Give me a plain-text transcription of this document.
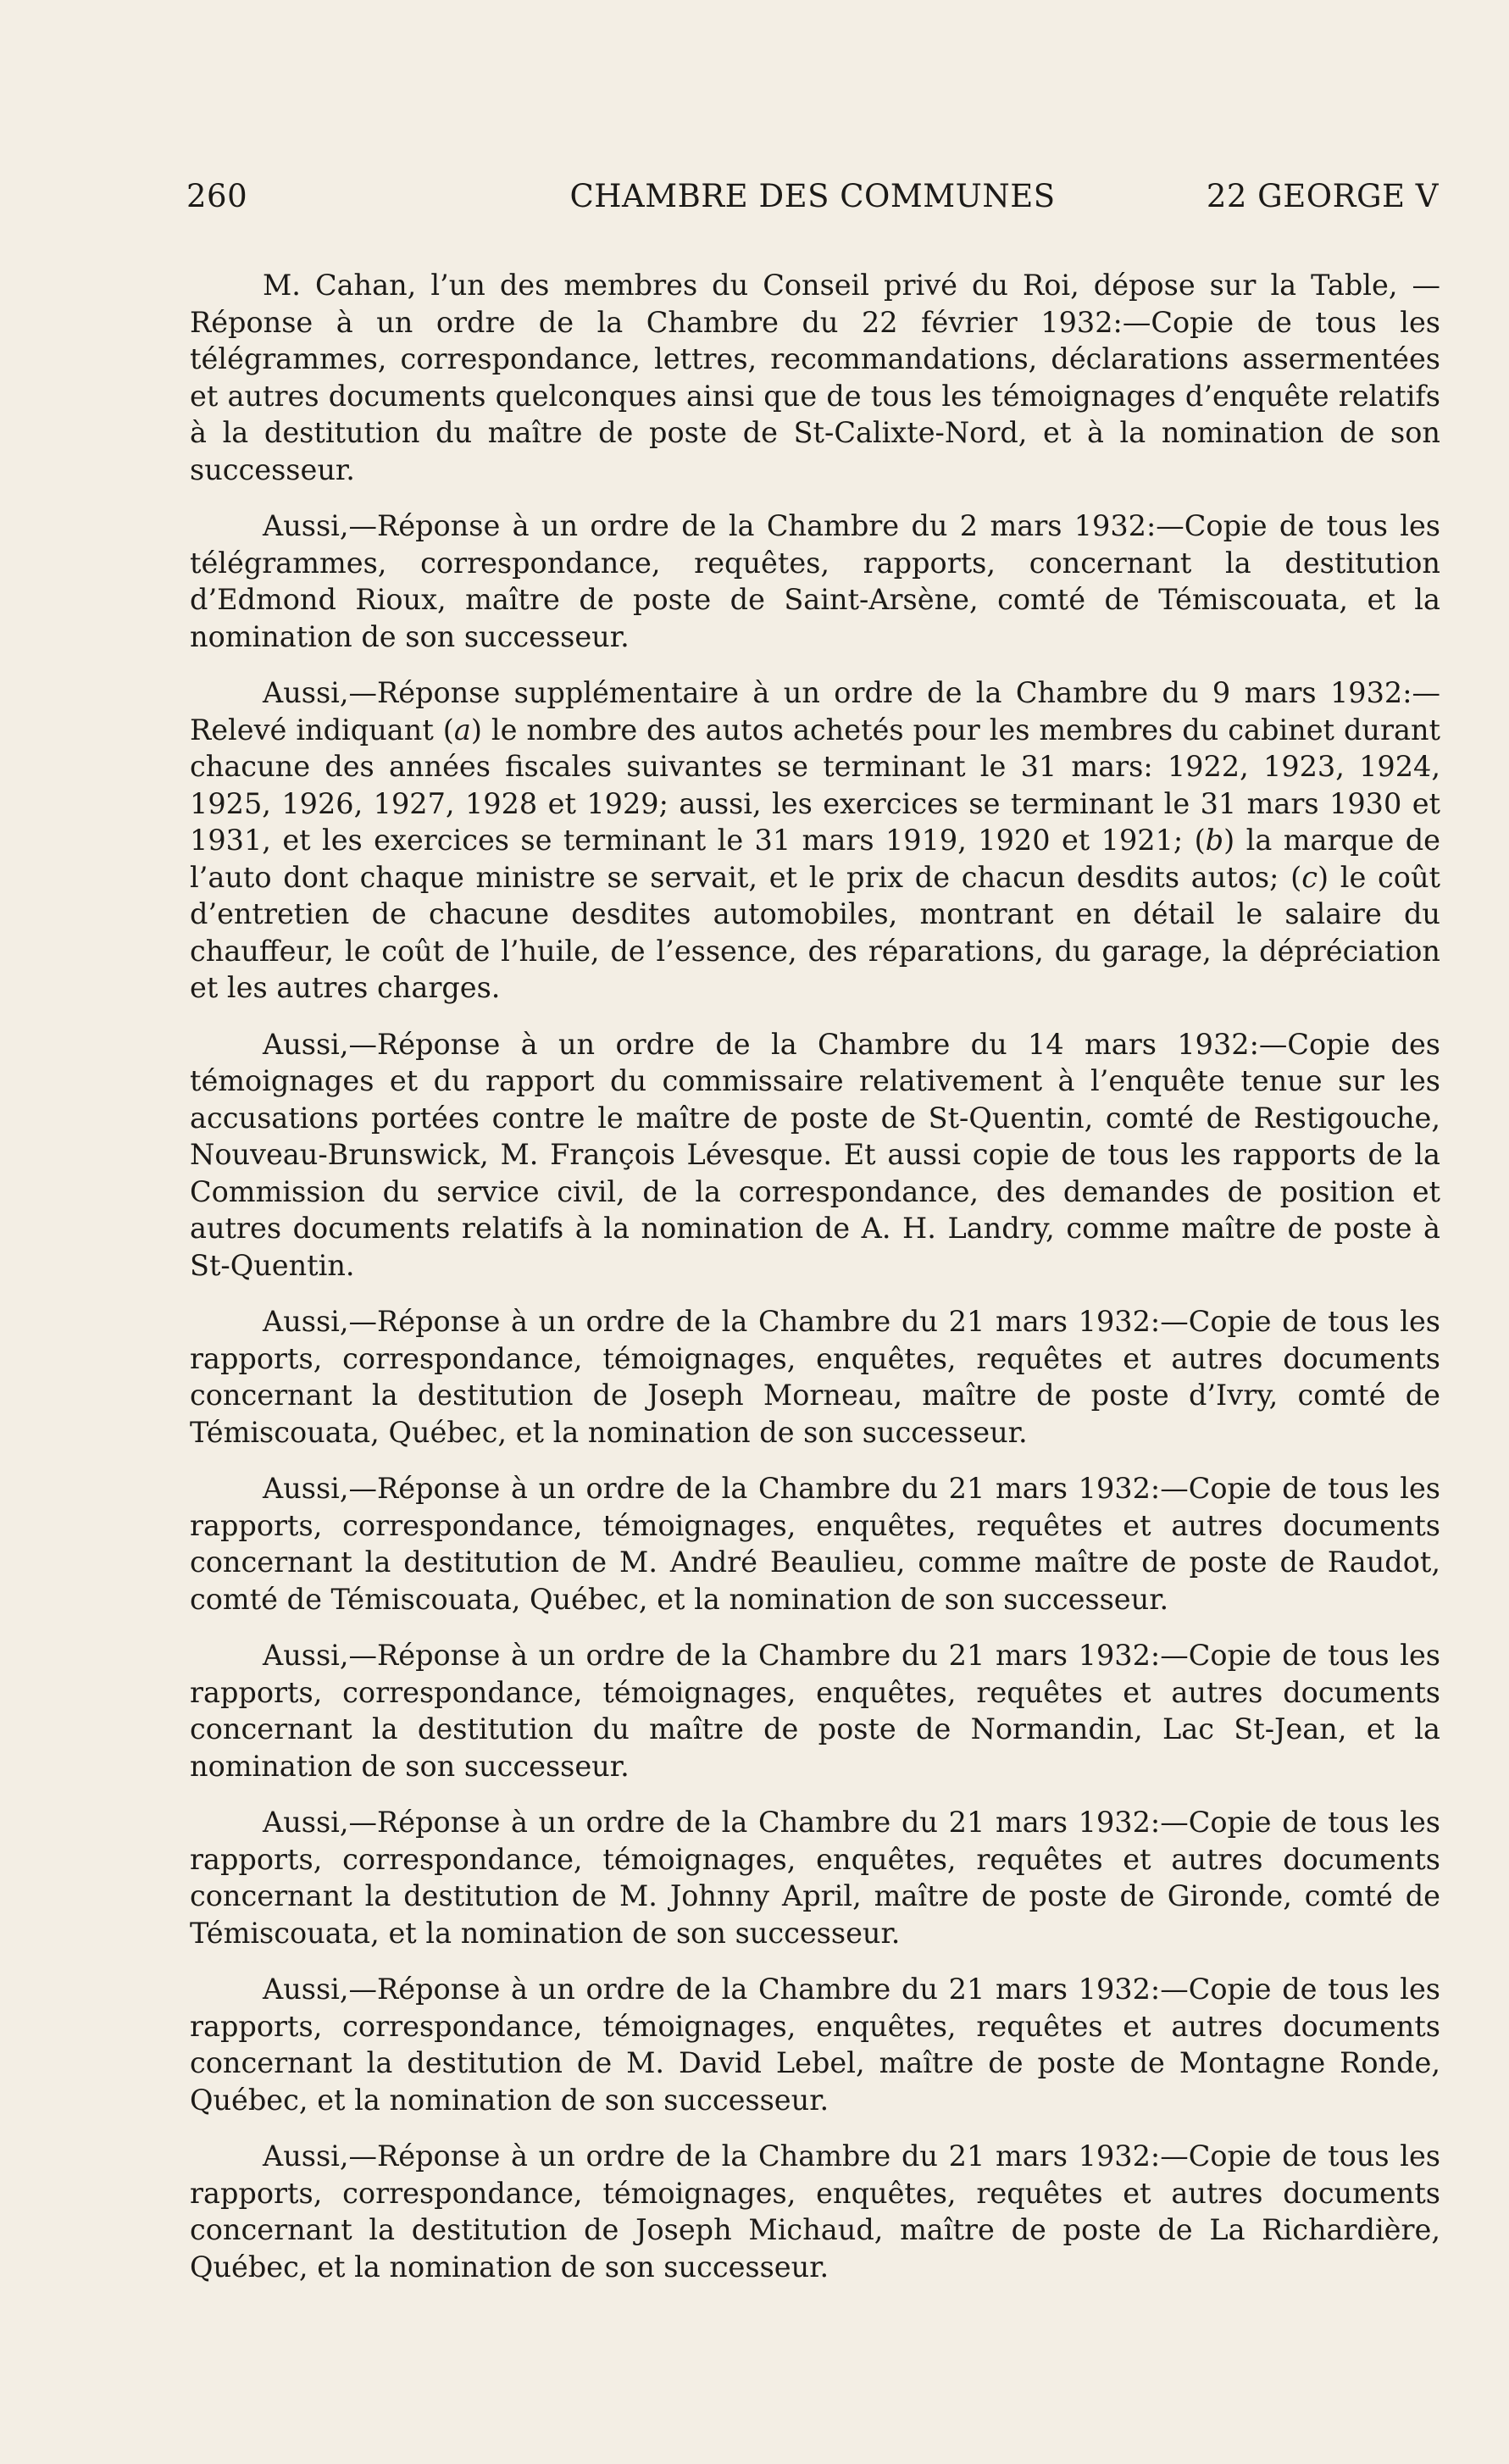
CHAMBRE DES COMMUNES
260	22 GEORGE V

M. Cahan, l’un des membres du Conseil privé du Roi, dépose sur la Table, —Réponse à un ordre de la Chambre du 22 février 1932:—Copie de tous les télégrammes, correspondance, lettres, recommandations, déclarations assermentées et autres documents quelconques ainsi que de tous les témoignages d’enquête relatifs à la destitution du maître de poste de St-Calixte-Nord, et à la nomination de son successeur.

Aussi,—Réponse à un ordre de la Chambre du 2 mars 1932:—Copie de tous les télégrammes, correspondance, requêtes, rapports, concernant la destitution d’Edmond Rioux, maître de poste de Saint-Arsène, comté de Témiscouata, et la nomination de son successeur.

Aussi,—Réponse supplémentaire à un ordre de la Chambre du 9 mars 1932:— Relevé indiquant (a) le nombre des autos achetés pour les membres du cabinet durant chacune des années fiscales suivantes se terminant le 31 mars: 1922, 1923, 1924, 1925, 1926, 1927, 1928 et 1929; aussi, les exercices se terminant le 31 mars 1930 et 1931, et les exercices se terminant le 31 mars 1919, 1920 et 1921; (b) la marque de l’auto dont chaque ministre se servait, et le prix de chacun desdits autos; (c) le coût d’entretien de chacune desdites automobiles, montrant en détail le salaire du chauffeur, le coût de l’huile, de l’essence, des réparations, du garage, la dépréciation et les autres charges.

Aussi,—Réponse à un ordre de la Chambre du 14 mars 1932:—Copie des témoignages et du rapport du commissaire relativement à l’enquête tenue sur les accusations portées contre le maître de poste de St-Quentin, comté de Restigouche, Nouveau-Brunswick, M. François Lévesque. Et aussi copie de tous les rapports de la Commission du service civil, de la correspondance, des demandes de position et autres documents relatifs à la nomination de A. H. Landry, comme maître de poste à St-Quentin.

Aussi,—Réponse à un ordre de la Chambre du 21 mars 1932:—Copie de tous les rapports, correspondance, témoignages, enquêtes, requêtes et autres documents concernant la destitution de Joseph Morneau, maître de poste d’Ivry, comté de Témiscouata, Québec, et la nomination de son successeur.

Aussi,—Réponse à un ordre de la Chambre du 21 mars 1932:—Copie de tous les rapports, correspondance, témoignages, enquêtes, requêtes et autres documents concernant la destitution de M. André Beaulieu, comme maître de poste de Raudot, comté de Témiscouata, Québec, et la nomination de son successeur.

Aussi,—Réponse à un ordre de la Chambre du 21 mars 1932:—Copie de tous les rapports, correspondance, témoignages, enquêtes, requêtes et autres documents concernant la destitution du maître de poste de Normandin, Lac St-Jean, et la nomination de son successeur.

Aussi,—Réponse à un ordre de la Chambre du 21 mars 1932:—Copie de tous les rapports, correspondance, témoignages, enquêtes, requêtes et autres documents concernant la destitution de M. Johnny April, maître de poste de Gironde, comté de Témiscouata, et la nomination de son successeur.

Aussi,—Réponse à un ordre de la Chambre du 21 mars 1932:—Copie de tous les rapports, correspondance, témoignages, enquêtes, requêtes et autres documents concernant la destitution de M. David Lebel, maître de poste de Montagne Ronde, Québec, et la nomination de son successeur.

Aussi,—Réponse à un ordre de la Chambre du 21 mars 1932:—Copie de tous les rapports, correspondance, témoignages, enquêtes, requêtes et autres documents concernant la destitution de Joseph Michaud, maître de poste de La Richardière, Québec, et la nomination de son successeur.
